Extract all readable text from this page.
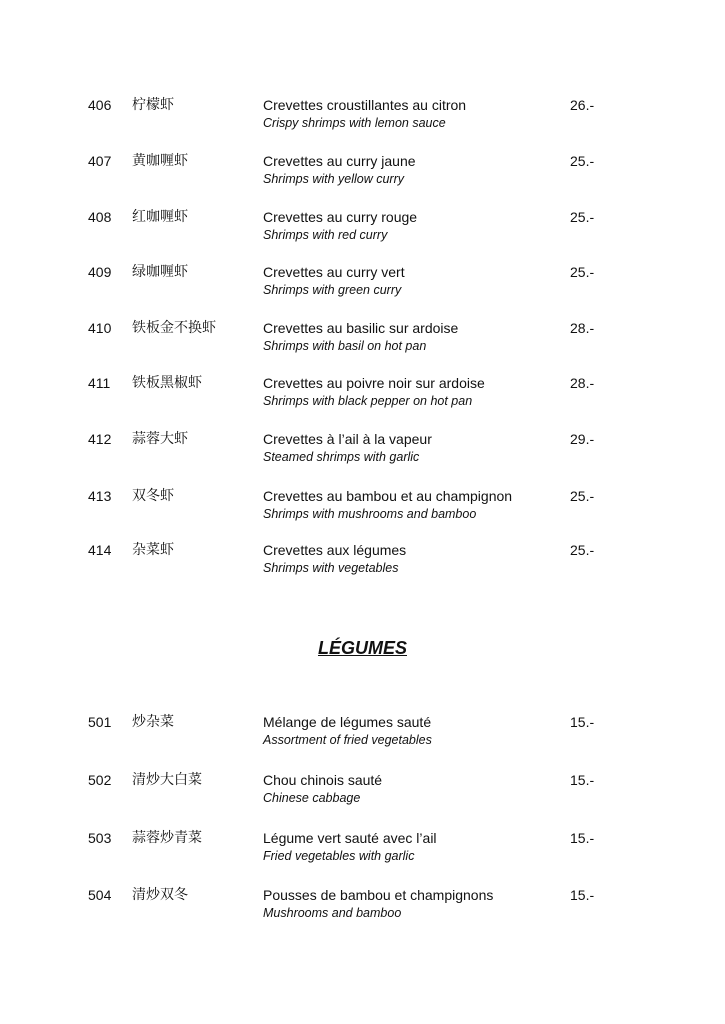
406 柠檬虾	Crevettes croustillantes au citron
Crispy shrimps with lemon sauce
26.-
407 黄咖喱虾	Crevettes au curry jaune
Shrimps with yellow curry
25.-
408 红咖喱虾	Crevettes au curry rouge
Shrimps with red curry
25.-
409 绿咖喱虾	Crevettes au curry vert
Shrimps with green curry
25.-
410 铁板金不换虾	Crevettes au basilic sur ardoise
Shrimps with basil on hot pan
28.-
411 铁板黑椒虾	Crevettes au poivre noir sur ardoise
Shrimps with black pepper on hot pan
28.-
412 蒜蓉大虾	Crevettes à l’ail à la vapeur
Steamed shrimps with garlic
29.-
413 双冬虾	Crevettes au bambou et au champignon
Shrimps with mushrooms and bamboo
25.-
414 杂菜虾	Crevettes aux légumes
Shrimps with vegetables
25.-
LÉGUMES
501 炒杂菜	Mélange de légumes sauté
Assortment of fried vegetables
15.-
502 清炒大白菜	Chou chinois sauté
Chinese cabbage
15.-
503 蒜蓉炒青菜	Légume vert sauté avec l’ail
Fried vegetables with garlic
15.-
504 清炒双冬	Pousses de bambou et champignons
Mushrooms and bamboo
15.-
